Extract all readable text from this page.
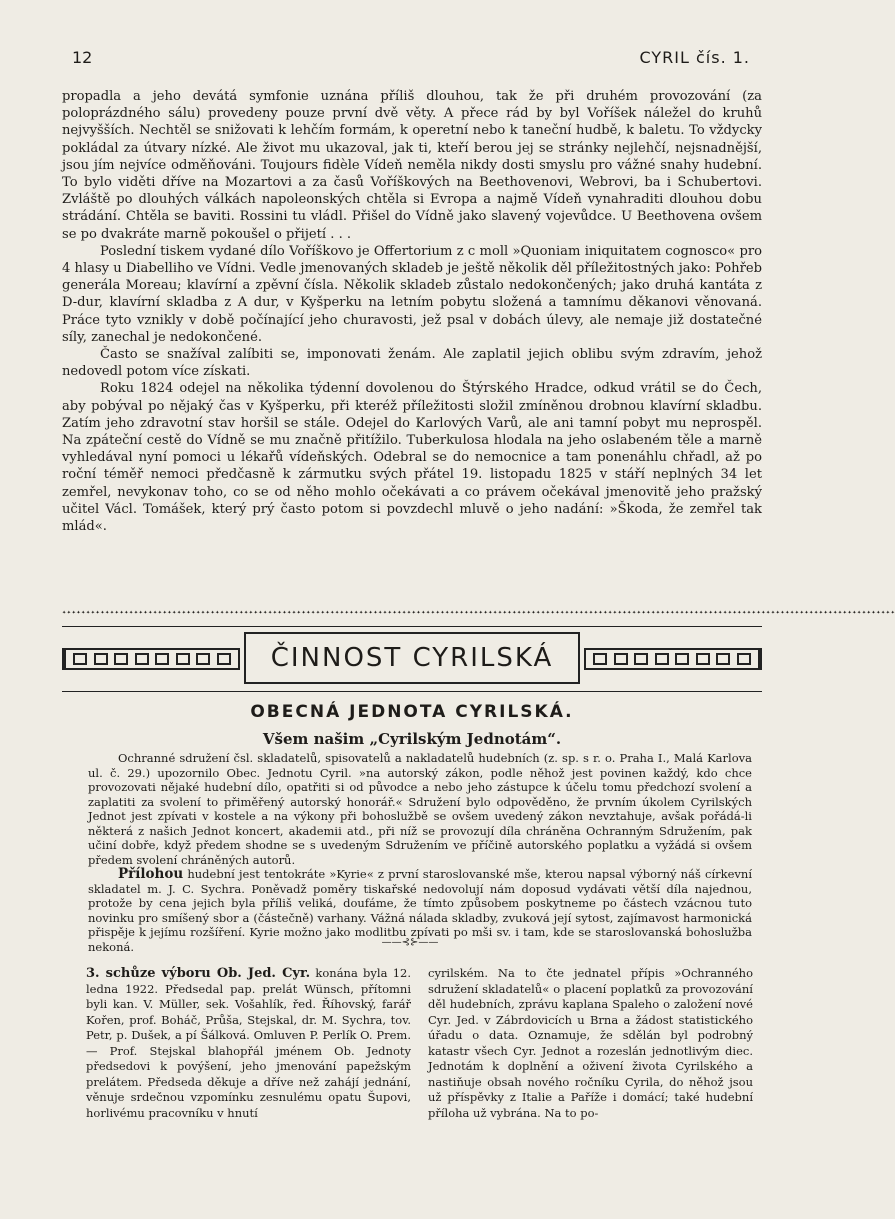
12	CYRIL čís. 1.

propadla a jeho devátá symfonie uznána příliš dlouhou, tak že při druhém provozování (za poloprázdného sálu) provedeny pouze první dvě věty. A přece rád by byl Voříšek náležel do kruhů nejvyšších. Nechtěl se snižovati k lehčím formám, k operetní nebo k taneční hudbě, k baletu. To vždycky pokládal za útvary nízké. Ale život mu ukazoval, jak ti, kteří berou jej se stránky nejlehčí, nejsnadnější, jsou jím nejvíce odměňováni. Toujours fidèle Vídeň neměla nikdy dosti smyslu pro vážné snahy hudební. To bylo viděti dříve na Mozartovi a za časů Voříškových na Beethovenovi, Webrovi, ba i Schubertovi. Zvláště po dlouhých válkách napoleonských chtěla si Evropa a najmě Vídeň vynahraditi dlouhou dobu strádání. Chtěla se baviti. Rossini tu vládl. Přišel do Vídně jako slavený vojevůdce. U Beethovena ovšem se po dvakráte marně pokoušel o přijetí . . .

Poslední tiskem vydané dílo Voříškovo je Offertorium z c moll »Quoniam iniquitatem cognosco« pro 4 hlasy u Diabelliho ve Vídni. Vedle jmenovaných skladeb je ještě několik děl příležitostných jako: Pohřeb generála Moreau; klavírní a zpěvní čísla. Několik skladeb zůstalo nedokončených; jako druhá kantáta z D-dur, klavírní skladba z A dur, v Kyšperku na letním pobytu složená a tamnímu děkanovi věnovaná. Práce tyto vznikly v době počínající jeho churavosti, jež psal v dobách úlevy, ale nemaje již dostatečné síly, zanechal je nedokončené.

Často se snažíval zalíbiti se, imponovati ženám. Ale zaplatil jejich oblibu svým zdravím, jehož nedovedl potom více získati.

Roku 1824 odejel na několika týdenní dovolenou do Štýrského Hradce, odkud vrátil se do Čech, aby pobýval po nějaký čas v Kyšperku, při kteréž příležitosti složil zmíněnou drobnou klavírní skladbu. Zatím jeho zdravotní stav horšil se stále. Odejel do Karlových Varů, ale ani tamní pobyt mu neprospěl. Na zpáteční cestě do Vídně se mu značně přitížilo. Tuberkulosa hlodala na jeho oslabeném těle a marně vyhledával nyní pomoci u lékařů vídeňských. Odebral se do nemocnice a tam ponenáhlu chřadl, až po roční téměř nemoci předčasně k zármutku svých přátel 19. listopadu 1825 v stáří neplných 34 let zemřel, nevykonav toho, co se od něho mohlo očekávati a co právem očekával jmenovitě jeho pražský učitel Václ. Tomášek, který prý často potom si povzdechl mluvě o jeho nadání: »Škoda, že zemřel tak mlád«.

✦✦✦✦✦✦✦✦✦✦✦✦✦✦✦✦✦✦✦✦✦✦✦✦✦✦✦✦✦✦✦✦✦✦✦✦✦✦✦✦✦✦✦✦✦✦✦✦✦✦✦✦✦✦✦✦✦✦✦✦✦✦✦✦✦✦✦✦✦✦✦✦✦✦✦✦✦✦✦✦✦✦✦✦✦✦✦✦✦✦✦✦✦✦✦✦✦✦✦✦✦✦✦✦✦✦✦✦✦✦✦✦✦✦✦✦✦✦✦✦✦✦✦✦✦✦✦✦✦✦✦✦✦✦✦✦✦✦✦✦✦✦✦✦✦✦✦✦✦✦✦✦✦✦✦✦✦✦✦✦✦✦✦✦✦✦✦✦✦✦✦✦✦✦
ČINNOST CYRILSKÁ
OBECNÁ JEDNOTA CYRILSKÁ.
Všem našim „Cyrilským Jednotám“.

Ochranné sdružení čsl. skladatelů, spisovatelů a nakladatelů hudebních (z. sp. s r. o. Praha I., Malá Karlova ul. č. 29.) upozornilo Obec. Jednotu Cyril. »na autorský zákon, podle něhož jest povinen každý, kdo chce provozovati nějaké hudební dílo, opatřiti si od původce a nebo jeho zástupce k účelu tomu předchozí svolení a zaplatiti za svolení to přiměřený autorský honorář.« Sdružení bylo odpověděno, že prvním úkolem Cyrilských Jednot jest zpívati v kostele a na výkony při bohoslužbě se ovšem uvedený zákon nevztahuje, avšak pořádá-li některá z našich Jednot koncert, akademii atd., při níž se provozují díla chráněna Ochranným Sdružením, pak učiní dobře, když předem shodne se s uvedeným Sdružením ve příčině autorského poplatku a vyžádá si ovšem předem svolení chráněných autorů.

Přílohou hudební jest tentokráte »Kyrie« z první staroslovanské mše, kterou napsal výborný náš církevní skladatel m. J. C. Sychra. Poněvadž poměry tiskařské nedovolují nám doposud vydávati větší díla najednou, protože by cena jejich byla příliš veliká, doufáme, že tímto způsobem poskytneme po částech vzácnou tuto novinku pro smíšený sbor a (částečně) varhany. Vážná nálada skladby, zvuková její sytost, zajímavost harmonická přispěje k jejímu rozšíření. Kyrie možno jako modlitbu zpívati po mši sv. i tam, kde se staroslovanská bohoslužba nekoná.	——⊰⊱——

3. schůze výboru Ob. Jed. Cyr. konána byla 12. ledna 1922. Předsedal pap. prelát Wünsch, přítomni byli kan. V. Müller, sek. Vošahlík, řed. Říhovský, farář Kořen, prof. Boháč, Průša, Stejskal, dr. M. Sychra, tov. Petr, p. Dušek, a pí Šálková. Omluven P. Perlík O. Prem. — Prof. Stejskal blahopřál jménem Ob. Jednoty předsedovi k povýšení, jeho jmenování papežským prelátem. Předseda děkuje a dříve než zahájí jednání, věnuje srdečnou vzpomínku zesnulému opatu Šupovi, horlivému pracovníku v hnutí

cyrilském. Na to čte jednatel přípis »Ochranného sdružení skladatelů« o placení poplatků za provozování děl hudebních, zprávu kaplana Spaleho o založení nové Cyr. Jed. v Zábrdovicích u Brna a žádost statistického úřadu o data. Oznamuje, že sdělán byl podrobný katastr všech Cyr. Jednot a rozeslán jednotlivým diec. Jednotám k doplnění a oživení života Cyrilského a nastiňuje obsah nového ročníku Cyrila, do něhož jsou už příspěvky z Italie a Paříže i domácí; také hudební příloha už vybrána. Na to po-
